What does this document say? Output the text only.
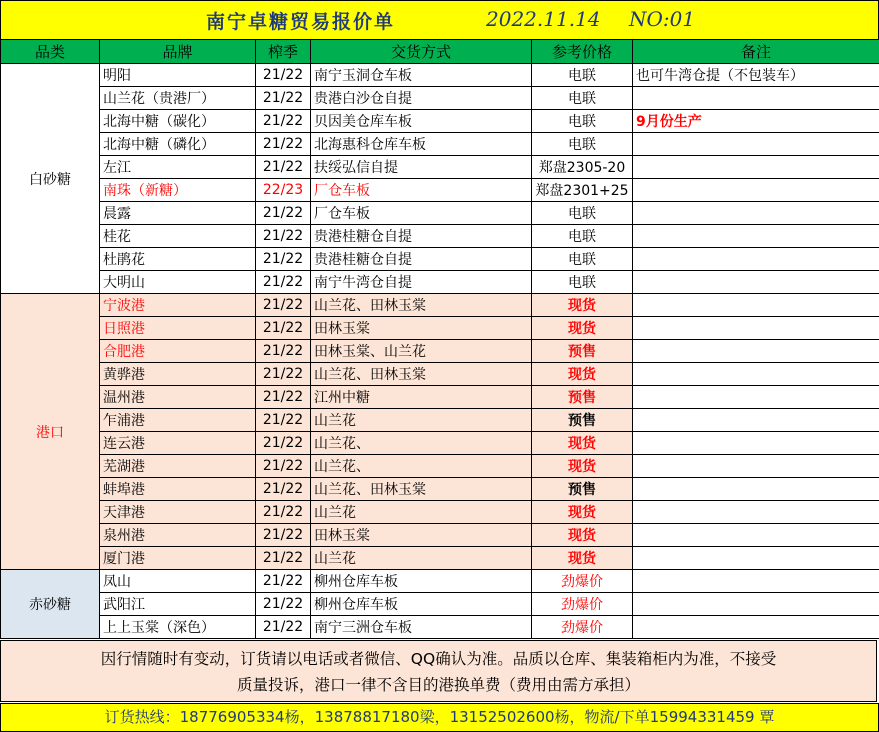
南宁卓糖贸易报价单	2022.11.14 NO:01
品类	品牌	榨季	交货方式	参考价格	备注
白砂糖	明阳	21/22	南宁玉洞仓车板	电联	也可牛湾仓提（不包装车）
	山兰花（贵港厂）	21/22	贵港白沙仓自提	电联	
	北海中糖（碳化）	21/22	贝因美仓库车板	电联	9月份生产
	北海中糖（磷化）	21/22	北海惠科仓库车板	电联	
	左江	21/22	扶绥弘信自提	郑盘2305-20	
	南珠（新糖）	22/23	厂仓车板	郑盘2301+25	
	晨露	21/22	厂仓车板	电联	
	桂花	21/22	贵港桂糖仓自提	电联	
	杜鹃花	21/22	贵港桂糖仓自提	电联	
	大明山	21/22	南宁牛湾仓自提	电联	
港口	宁波港	21/22	山兰花、田林玉棠	现货	
	日照港	21/22	田林玉棠	现货	
	合肥港	21/22	田林玉棠、山兰花	预售	
	黄骅港	21/22	山兰花、田林玉棠	现货	
	温州港	21/22	江州中糖	预售	
	乍浦港	21/22	山兰花	预售	
	连云港	21/22	山兰花、	现货	
	芜湖港	21/22	山兰花、	现货	
	蚌埠港	21/22	山兰花、田林玉棠	预售	
	天津港	21/22	山兰花	现货	
	泉州港	21/22	田林玉棠	现货	
	厦门港	21/22	山兰花	现货	
赤砂糖	凤山	21/22	柳州仓库车板	劲爆价	
	武阳江	21/22	柳州仓库车板	劲爆价	
	上上玉棠（深色）	21/22	南宁三洲仓车板	劲爆价	
因行情随时有变动，订货请以电话或者微信、QQ确认为准。品质以仓库、集装箱柜内为准，不接受
质量投诉，港口一律不含目的港换单费（费用由需方承担）
订货热线：18776905334杨，13878817180梁，13152502600杨，物流/下单15994331459 覃
